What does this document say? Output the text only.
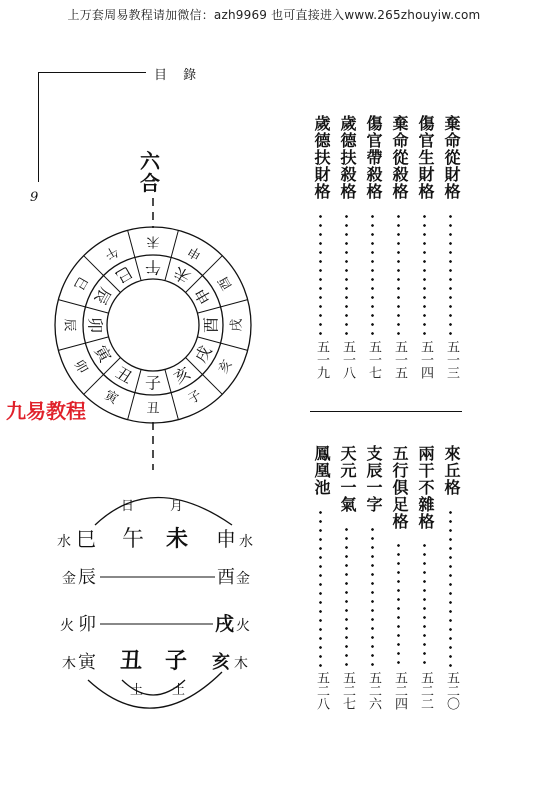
上万套周易教程请加微信：azh9969 也可直接进入www.265zhouyiw.com
目 錄
9
九易教程
棄命從財格
五一三
傷官生財格
五一四
棄命從殺格
五一五
傷官帶殺格
五一七
歲德扶殺格
五一八
歲德扶財格
五一九
來丘格
五二〇
兩干不雜格
五二二
五行俱足格
五二四
支辰一字
五二六
天元一氣
五二七
鳳凰池
五二八
六
合
子
丑
寅
卯
辰
巳 午 未
申
酉
戌
亥
丑
寅
卯
辰
巳
午
未
申
酉
戌
亥
子
日	月
水 巳 午 未 申 水
金 辰	酉 金
火 卯	戌 火
木 寅 丑 子 亥 木
土 土
